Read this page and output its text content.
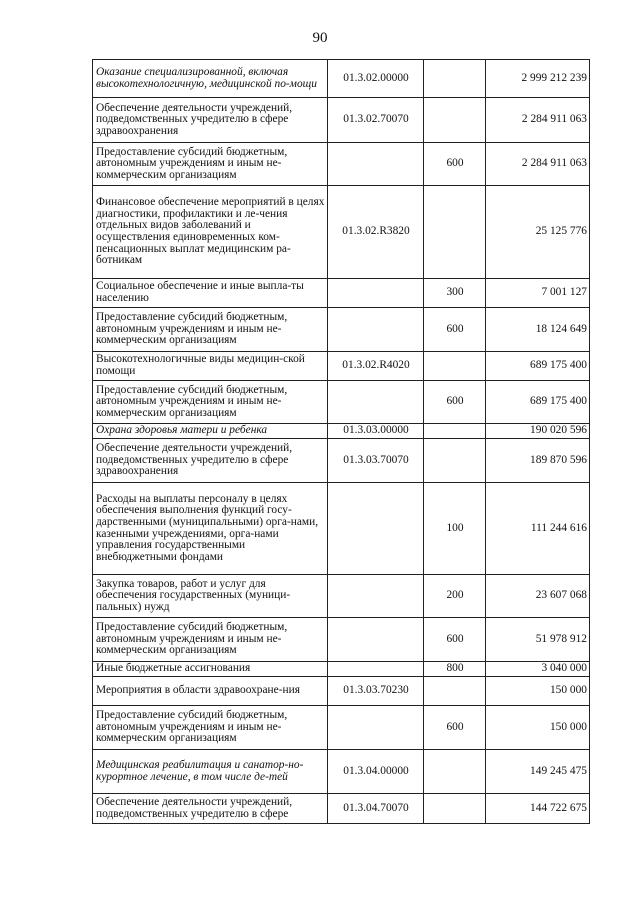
90
Оказание специализированной, включая высокотехнологичную, медицинской по-мощи	01.3.02.00000		2 999 212 239
Обеспечение деятельности учреждений, подведомственных учредителю в сфере здравоохранения	01.3.02.70070		2 284 911 063
Предоставление субсидий бюджетным, автономным учреждениям и иным не-коммерческим организациям		600	2 284 911 063
Финансовое обеспечение мероприятий в целях диагностики, профилактики и ле-чения отдельных видов заболеваний и осуществления единовременных ком-пенсационных выплат медицинским ра-ботникам	01.3.02.R3820		25 125 776
Социальное обеспечение и иные выпла-ты населению		300	7 001 127
Предоставление субсидий бюджетным, автономным учреждениям и иным не-коммерческим организациям		600	18 124 649
Высокотехнологичные виды медицин-ской помощи	01.3.02.R4020		689 175 400
Предоставление субсидий бюджетным, автономным учреждениям и иным не-коммерческим организациям		600	689 175 400
Охрана здоровья матери и ребенка	01.3.03.00000		190 020 596
Обеспечение деятельности учреждений, подведомственных учредителю в сфере здравоохранения	01.3.03.70070		189 870 596
Расходы на выплаты персоналу в целях обеспечения выполнения функций госу-дарственными (муниципальными) орга-нами, казенными учреждениями, орга-нами управления государственными внебюджетными фондами		100	111 244 616
Закупка товаров, работ и услуг для обеспечения государственных (муници-пальных) нужд		200	23 607 068
Предоставление субсидий бюджетным, автономным учреждениям и иным не-коммерческим организациям		600	51 978 912
Иные бюджетные ассигнования		800	3 040 000
Мероприятия в области здравоохране-ния	01.3.03.70230		150 000
Предоставление субсидий бюджетным, автономным учреждениям и иным не-коммерческим организациям		600	150 000
Медицинская реабилитация и санатор-но-курортное лечение, в том числе де-тей	01.3.04.00000		149 245 475
Обеспечение деятельности учреждений, подведомственных учредителю в сфере	01.3.04.70070		144 722 675
